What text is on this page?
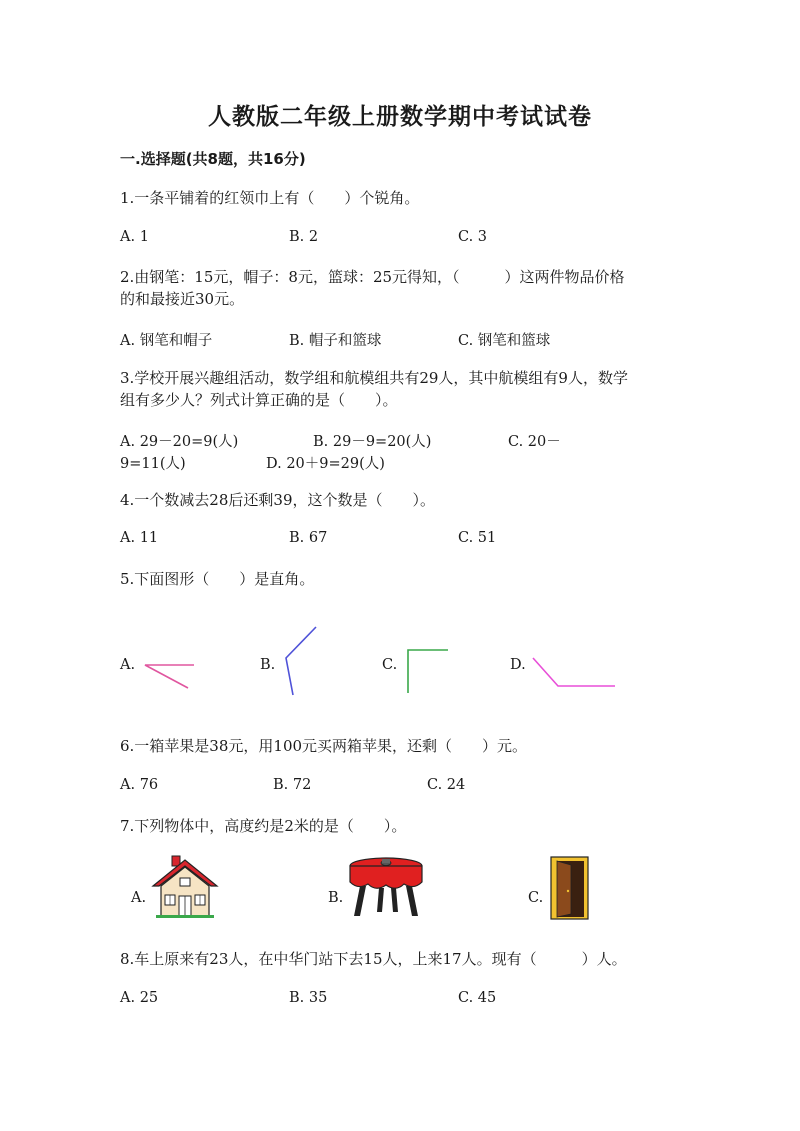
人教版二年级上册数学期中考试试卷
一.选择题(共8题，共16分)
1.一条平铺着的红领巾上有（　　）个锐角。
A. 1	B. 2	C. 3
2.由钢笔：15元，帽子：8元，篮球：25元得知，（　　　）这两件物品价格
的和最接近30元。
A. 钢笔和帽子	B. 帽子和篮球	C. 钢笔和篮球
3.学校开展兴趣组活动，数学组和航模组共有29人，其中航模组有9人，数学
组有多少人？列式计算正确的是（　　）。
A. 29－20=9(人)	B. 29－9=20(人)	C. 20－
9=11(人)	D. 20＋9=29(人)
4.一个数减去28后还剩39，这个数是（　　）。
A. 11	B. 67	C. 51
5.下面图形（　　）是直角。
A.	B.	C.	D.
6.一箱苹果是38元，用100元买两箱苹果，还剩（　　）元。
A. 76	B. 72	C. 24
7.下列物体中，高度约是2米的是（　　）。
A.	B.	C.
8.车上原来有23人，在中华门站下去15人，上来17人。现有（　　　）人。
A. 25	B. 35	C. 45
